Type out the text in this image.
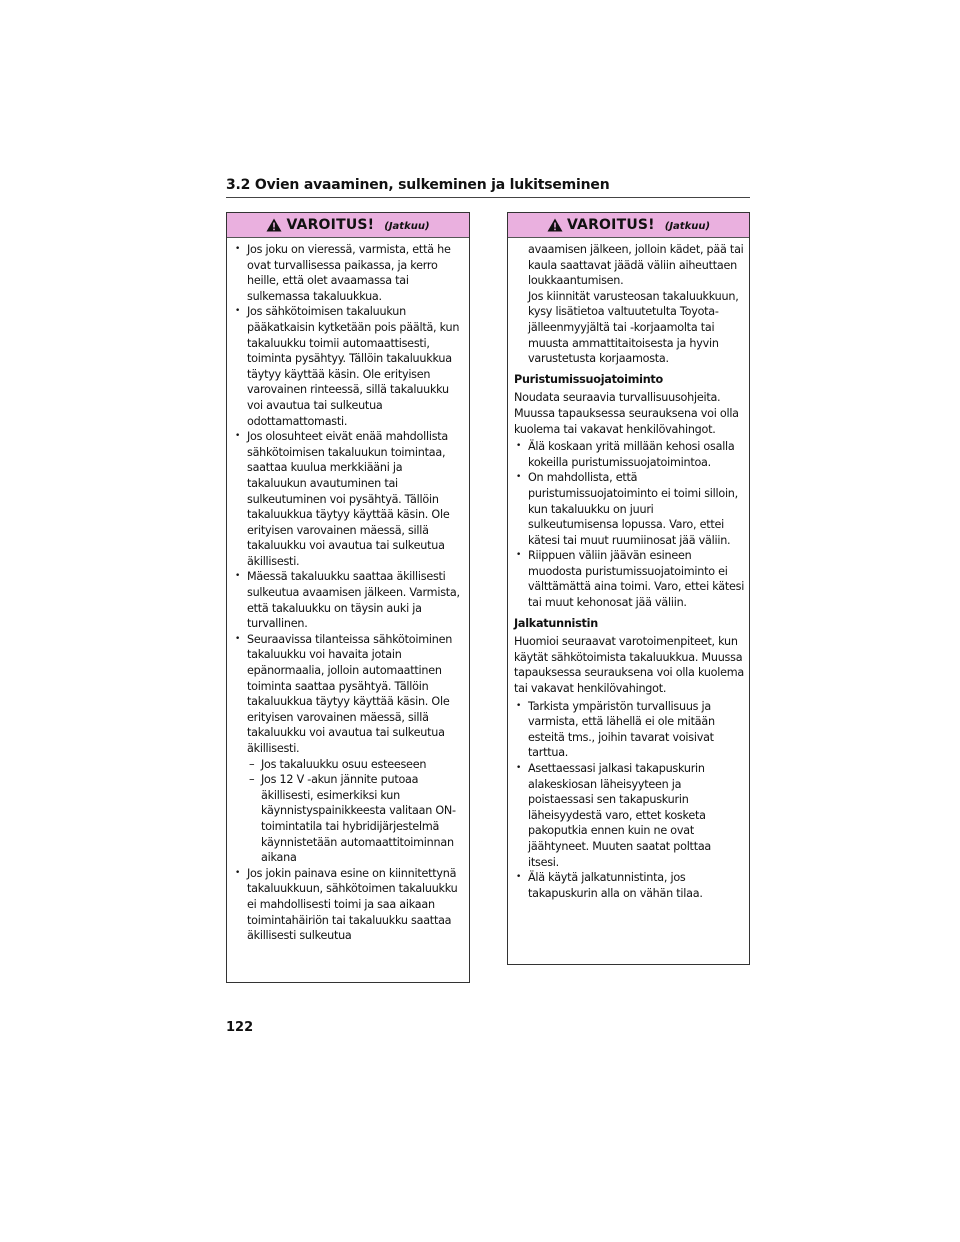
3.2 Ovien avaaminen, sulkeminen ja lukitseminen
VAROITUS! (Jatkuu)
• Jos joku on vieressä, varmista, että he ovat turvallisessa paikassa, ja kerro heille, että olet avaamassa tai sulkemassa takaluukkua.
• Jos sähkötoimisen takaluukun pääkatkaisin kytketään pois päältä, kun takaluukku toimii automaattisesti, toiminta pysähtyy. Tällöin takaluukkua täytyy käyttää käsin. Ole erityisen varovainen rinteessä, sillä takaluukku voi avautua tai sulkeutua odottamattomasti.
• Jos olosuhteet eivät enää mahdollista sähkötoimisen takaluukun toimintaa, saattaa kuulua merkkiääni ja takaluukun avautuminen tai sulkeutuminen voi pysähtyä. Tällöin takaluukkua täytyy käyttää käsin. Ole erityisen varovainen mäessä, sillä takaluukku voi avautua tai sulkeutua äkillisesti.
• Mäessä takaluukku saattaa äkillisesti sulkeutua avaamisen jälkeen. Varmista, että takaluukku on täysin auki ja turvallinen.
• Seuraavissa tilanteissa sähkötoiminen takaluukku voi havaita jotain epänormaalia, jolloin automaattinen toiminta saattaa pysähtyä. Tällöin takaluukkua täytyy käyttää käsin. Ole erityisen varovainen mäessä, sillä takaluukku voi avautua tai sulkeutua äkillisesti.
– Jos takaluukku osuu esteeseen
– Jos 12 V -akun jännite putoaa äkillisesti, esimerkiksi kun käynnistyspainikkeesta valitaan ON-toimintatila tai hybridijärjestelmä käynnistetään automaattitoiminnan aikana
• Jos jokin painava esine on kiinnitettynä takaluukkuun, sähkötoimen takaluukku ei mahdollisesti toimi ja saa aikaan toimintahäiriön tai takaluukku saattaa äkillisesti sulkeutua
VAROITUS! (Jatkuu)
avaamisen jälkeen, jolloin kädet, pää tai kaula saattavat jäädä väliin aiheuttaen loukkaantumisen.
Jos kiinnität varusteosan takaluukkuun, kysy lisätietoa valtuutetulta Toyota-jälleenmyyjältä tai -korjaamolta tai muusta ammattitaitoisesta ja hyvin varustetusta korjaamosta.
Puristumissuojatoiminto
Noudata seuraavia turvallisuusohjeita. Muussa tapauksessa seurauksena voi olla kuolema tai vakavat henkilövahingot.
• Älä koskaan yritä millään kehosi osalla kokeilla puristumissuojatoimintoa.
• On mahdollista, että puristumissuojatoiminto ei toimi silloin, kun takaluukku on juuri sulkeutumisensa lopussa. Varo, ettei kätesi tai muut ruumiinosat jää väliin.
• Riippuen väliin jäävän esineen muodosta puristumissuojatoiminto ei välttämättä aina toimi. Varo, ettei kätesi tai muut kehonosat jää väliin.
Jalkatunnistin
Huomioi seuraavat varotoimenpiteet, kun käytät sähkötoimista takaluukkua. Muussa tapauksessa seurauksena voi olla kuolema tai vakavat henkilövahingot.
• Tarkista ympäristön turvallisuus ja varmista, että lähellä ei ole mitään esteitä tms., joihin tavarat voisivat tarttua.
• Asettaessasi jalkasi takapuskurin alakeskiosan läheisyyteen ja poistaessasi sen takapuskurin läheisyydestä varo, ettet kosketa pakoputkia ennen kuin ne ovat jäähtyneet. Muuten saatat polttaa itsesi.
• Älä käytä jalkatunnistinta, jos takapuskurin alla on vähän tilaa.
122
